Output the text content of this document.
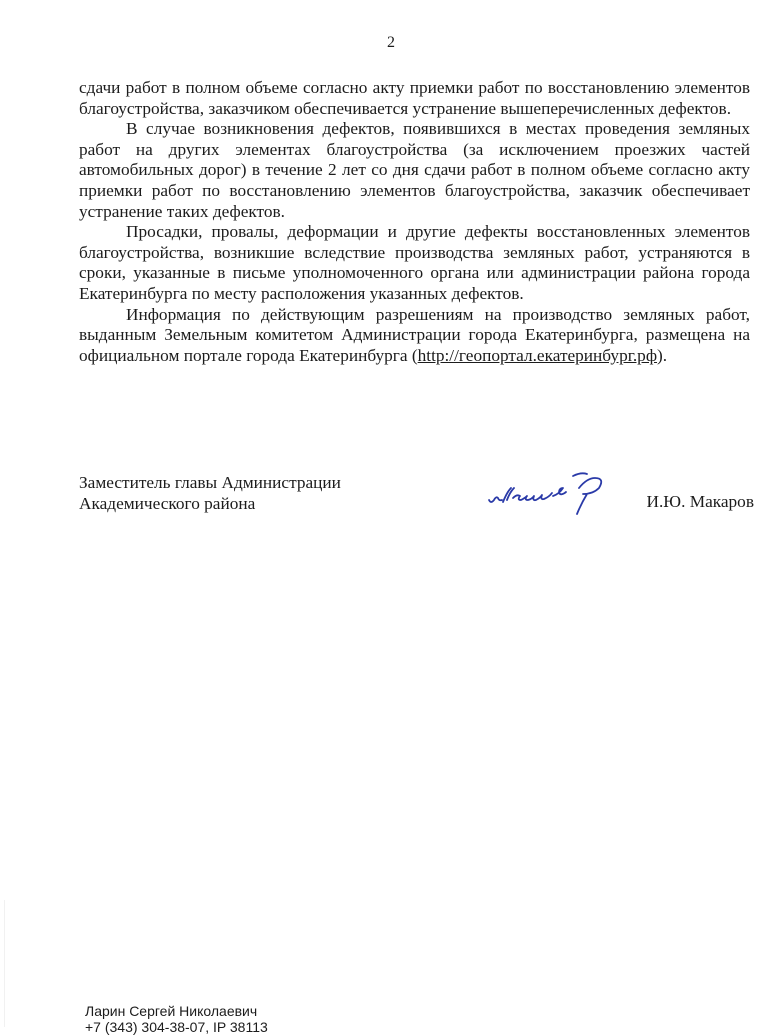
2

сдачи работ в полном объеме согласно акту приемки работ по восстановлению элементов благоустройства, заказчиком обеспечивается устранение вышеперечисленных дефектов.

В случае возникновения дефектов, появившихся в местах проведения земляных работ на других элементах благоустройства (за исключением проезжих частей автомобильных дорог) в течение 2 лет со дня сдачи работ в полном объеме согласно акту приемки работ по восстановлению элементов благоустройства, заказчик обеспечивает устранение таких дефектов.

Просадки, провалы, деформации и другие дефекты восстановленных элементов благоустройства, возникшие вследствие производства земляных работ, устраняются в сроки, указанные в письме уполномоченного органа или администрации района города Екатеринбурга по месту расположения указанных дефектов.

Информация по действующим разрешениям на производство земляных работ, выданным Земельным комитетом Администрации города Екатеринбурга, размещена на официальном портале города Екатеринбурга (http://геопортал.екатеринбург.рф).

Заместитель главы Администрации
Академического района	И.Ю. Макаров
Ларин Сергей Николаевич
+7 (343) 304-38-07, IP 38113
